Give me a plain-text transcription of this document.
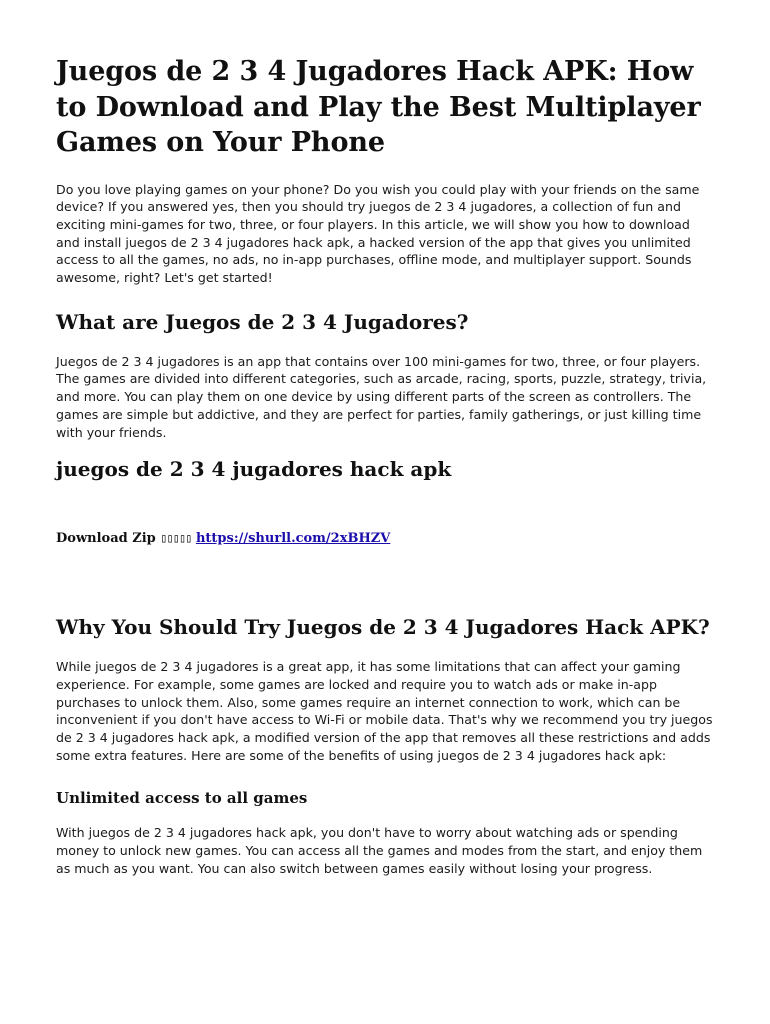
Juegos de 2 3 4 Jugadores Hack APK: How to Download and Play the Best Multiplayer Games on Your Phone

Do you love playing games on your phone? Do you wish you could play with your friends on the same device? If you answered yes, then you should try juegos de 2 3 4 jugadores, a collection of fun and exciting mini-games for two, three, or four players. In this article, we will show you how to download and install juegos de 2 3 4 jugadores hack apk, a hacked version of the app that gives you unlimited access to all the games, no ads, no in-app purchases, offline mode, and multiplayer support. Sounds awesome, right? Let's get started!

What are Juegos de 2 3 4 Jugadores?

Juegos de 2 3 4 jugadores is an app that contains over 100 mini-games for two, three, or four players. The games are divided into different categories, such as arcade, racing, sports, puzzle, strategy, trivia, and more. You can play them on one device by using different parts of the screen as controllers. The games are simple but addictive, and they are perfect for parties, family gatherings, or just killing time with your friends.

juegos de 2 3 4 jugadores hack apk
Download Zip ▯▯▯▯▯ https://shurll.com/2xBHZV
Why You Should Try Juegos de 2 3 4 Jugadores Hack APK?

While juegos de 2 3 4 jugadores is a great app, it has some limitations that can affect your gaming experience. For example, some games are locked and require you to watch ads or make in-app purchases to unlock them. Also, some games require an internet connection to work, which can be inconvenient if you don't have access to Wi-Fi or mobile data. That's why we recommend you try juegos de 2 3 4 jugadores hack apk, a modified version of the app that removes all these restrictions and adds some extra features. Here are some of the benefits of using juegos de 2 3 4 jugadores hack apk:

Unlimited access to all games

With juegos de 2 3 4 jugadores hack apk, you don't have to worry about watching ads or spending money to unlock new games. You can access all the games and modes from the start, and enjoy them as much as you want. You can also switch between games easily without losing your progress.
